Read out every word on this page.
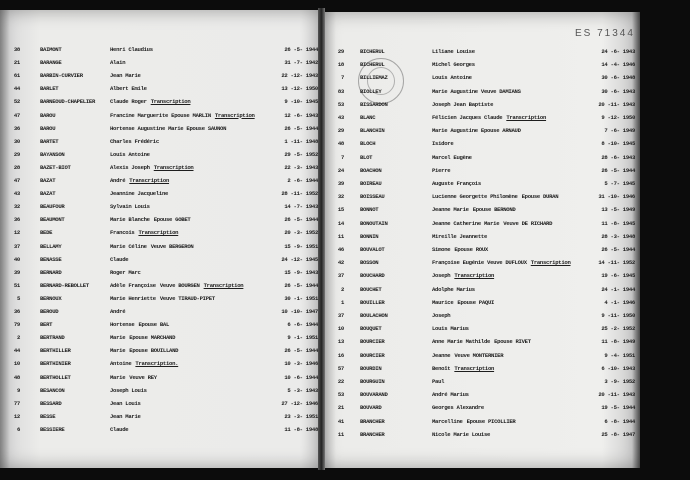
ES 71344
38	BAIMONT	Henri Claudius	26 -5- 1944
21	BARANGE	Alain	31 -7- 1942
61	BARBIN-CURVIER	Jean Marie	22 -12- 1943
44	BARLET	Albert Emile	13 -12- 1950
52	BARNEOUD-CHAPELIER	Claude Roger Transcription	9 -10- 1945
47	BAROU	Francine Marguerite Epouse MARLIN Transcription	12 -6- 1943
36	BAROU	Hortense Augustine Marie Epouse SAUNON	26 -5- 1944
30	BARTET	Charles Frédéric	1 -11- 1948
29	BAYANSON	Louis Antoine	29 -5- 1952
28	BAZET-BIOT	Alexis Joseph Transcription	22 -3- 1943
47	BAZAT	André Transcription	2 -6- 1944
43	BAZAT	Jeannine Jacqueline	28 -11- 1952
32	BEAUFOUR	Sylvain Louis	14 -7- 1943
36	BEAUMONT	Marie Blanche Epouse GOBET	26 -5- 1944
12	BEDE	Francois Transcription	20 -3- 1952
37	BELLAMY	Marie Céline Veuve BERGERON	15 -9- 1951
40	BENASSE	Claude	24 -12- 1945
39	BERNARD	Roger Marc	15 -9- 1943
51	BERNARD-REBOLLET	Adèle Françoise Veuve BOURGEN Transcription	26 -5- 1944
5	BERNOUX	Marie Henriette Veuve TIRAUD-PIPET	30 -1- 1951
36	BEROUD	André	10 -10- 1947
79	BERT	Hortense Epouse BAL	6 -6- 1944
2	BERTRAND	Marie Epouse MARCHAND	9 -1- 1951
44	BERTHILLER	Marie Epouse BOUILLAND	26 -5- 1944
10	BERTHINIER	Antoine Transcription.	10 -3- 1946
48	BERTHOLLET	Marie Veuve REY	10 -6- 1944
9	BESANCON	Joseph Louis	5 -3- 1943
77	BESSARD	Jean Louis	27 -12- 1946
12	BESSE	Jean Marie	23 -3- 1951
6	BESSIERE	Claude	11 -8- 1948
29	BICHERUL	Liliane Louise	24 -6- 1943
18	BICHERUL	Michel Georges	14 -4- 1946
7	BILLIEMAZ	Louis Antoine	30 -6- 1948
83	BIOLLEY	Marie Augustine Veuve DAMIANS	30 -6- 1943
53	BISSARDON	Joseph Jean Baptiste	20 -11- 1943
43	BLANC	Félicien Jacques Claude Transcription	9 -12- 1950
29	BLANCHIN	Marie Augustine Epouse ARNAUD	7 -6- 1949
48	BLOCH	Isidore	8 -10- 1945
7	BLOT	Marcel Eugène	28 -6- 1943
24	BOACHON	Pierre	26 -5- 1944
39	BOIREAU	Auguste François	5 -7- 1945
32	BOISSEAU	Lucienne Georgette Philomène Epouse DURAN	31 -10- 1946
15	BONNOT	Jeanne Marie Epouse BERNOND	13 -5- 1949
14	BONOUTAIN	Jeanne Catherine Marie Veuve DE RICHARD	11 -8- 1945
11	BONNIN	Mireille Jeannette	28 -3- 1948
46	BOUVALOT	Simone Epouse ROUX	26 -5- 1944
42	BOSSON	Françoise Eugénie Veuve DUFLOUX Transcription	14 -11- 1952
37	BOUCHARD	Joseph Transcription	19 -6- 1945
2	BOUCHET	Adolphe Marius	24 -1- 1944
1	BOUILLER	Maurice Epouse PAQUI	4 -1- 1946
37	BOULACHON	Joseph	9 -11- 1950
10	BOUQUET	Louis Marius	25 -2- 1952
13	BOURCIER	Anne Marie Mathilde Epouse RIVET	11 -8- 1949
16	BOURCIER	Jeanne Veuve MONTERNIER	9 -4- 1951
57	BOURDIN	Benoît Transcription	6 -10- 1943
22	BOURGUIN	Paul	3 -9- 1952
53	BOUVARAND	André Marius	20 -11- 1943
21	BOUVARD	Georges Alexandre	19 -5- 1944
41	BRANCHER	Marcelline Epouse PICOLLIER	6 -8- 1944
11	BRANCHER	Nicole Marie Louise	25 -8- 1947
